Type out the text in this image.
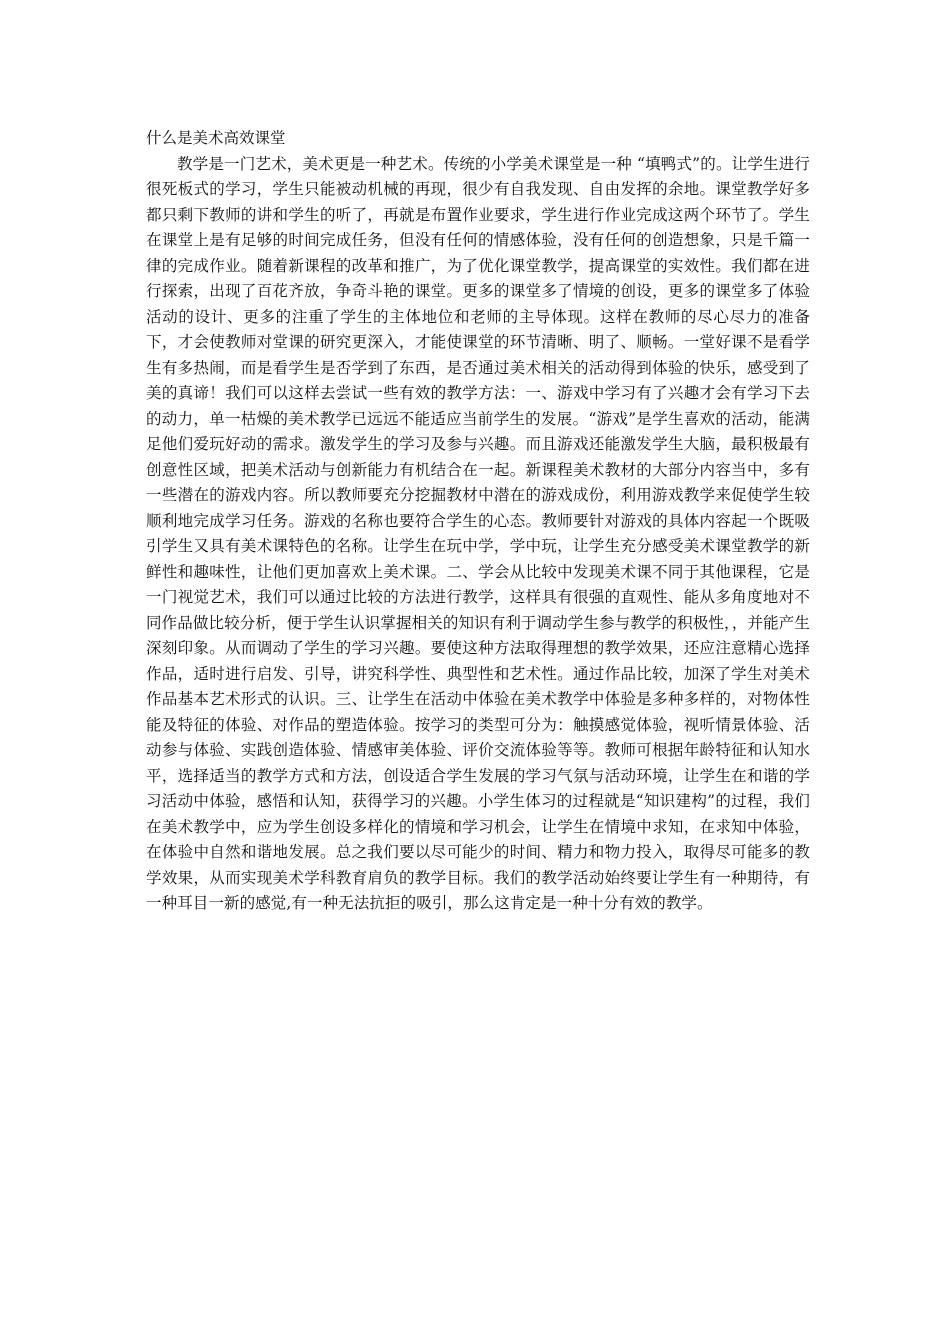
什么是美术高效课堂

教学是一门艺术，美术更是一种艺术。传统的小学美术课堂是一种 “填鸭式”的。让学生进行很死板式的学习，学生只能被动机械的再现，很少有自我发现、自由发挥的余地。课堂教学好多都只剩下教师的讲和学生的听了，再就是布置作业要求，学生进行作业完成这两个环节了。学生在课堂上是有足够的时间完成任务，但没有任何的情感体验，没有任何的创造想象，只是千篇一律的完成作业。随着新课程的改革和推广，为了优化课堂教学，提高课堂的实效性。我们都在进行探索，出现了百花齐放，争奇斗艳的课堂。更多的课堂多了情境的创设，更多的课堂多了体验活动的设计、更多的注重了学生的主体地位和老师的主导体现。这样在教师的尽心尽力的准备下，才会使教师对堂课的研究更深入，才能使课堂的环节清晰、明了、顺畅。一堂好课不是看学生有多热闹，而是看学生是否学到了东西，是否通过美术相关的活动得到体验的快乐，感受到了美的真谛！我们可以这样去尝试一些有效的教学方法：一、游戏中学习有了兴趣才会有学习下去的动力，单一枯燥的美术教学已远远不能适应当前学生的发展。“游戏”是学生喜欢的活动，能满足他们爱玩好动的需求。激发学生的学习及参与兴趣。而且游戏还能激发学生大脑，最积极最有创意性区域，把美术活动与创新能力有机结合在一起。新课程美术教材的大部分内容当中，多有一些潜在的游戏内容。所以教师要充分挖掘教材中潜在的游戏成份，利用游戏教学来促使学生较顺利地完成学习任务。游戏的名称也要符合学生的心态。教师要针对游戏的具体内容起一个既吸引学生又具有美术课特色的名称。让学生在玩中学，学中玩，让学生充分感受美术课堂教学的新鲜性和趣味性，让他们更加喜欢上美术课。二、学会从比较中发现美术课不同于其他课程，它是一门视觉艺术，我们可以通过比较的方法进行教学，这样具有很强的直观性、能从多角度地对不同作品做比较分析，便于学生认识掌握相关的知识有利于调动学生参与教学的积极性，，并能产生深刻印象。从而调动了学生的学习兴趣。要使这种方法取得理想的教学效果，还应注意精心选择作品，适时进行启发、引导，讲究科学性、典型性和艺术性。通过作品比较，加深了学生对美术作品基本艺术形式的认识。三、让学生在活动中体验在美术教学中体验是多种多样的，对物体性能及特征的体验、对作品的塑造体验。按学习的类型可分为：触摸感觉体验，视听情景体验、活动参与体验、实践创造体验、情感审美体验、评价交流体验等等。教师可根据年龄特征和认知水平，选择适当的教学方式和方法，创设适合学生发展的学习气氛与活动环境，让学生在和谐的学习活动中体验，感悟和认知，获得学习的兴趣。小学生体习的过程就是“知识建构”的过程，我们在美术教学中，应为学生创设多样化的情境和学习机会，让学生在情境中求知，在求知中体验，在体验中自然和谐地发展。总之我们要以尽可能少的时间、精力和物力投入，取得尽可能多的教学效果，从而实现美术学科教育肩负的教学目标。我们的教学活动始终要让学生有一种期待，有一种耳目一新的感觉,有一种无法抗拒的吸引，那么这肯定是一种十分有效的教学。
